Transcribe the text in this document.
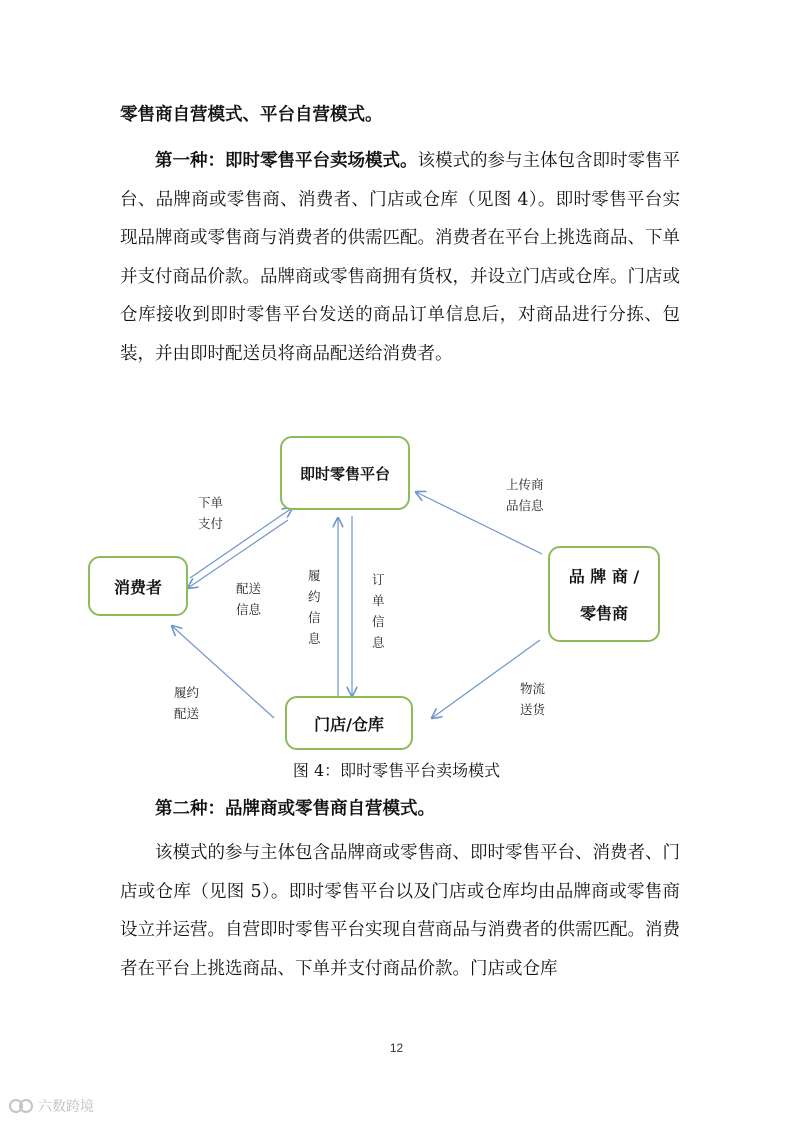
零售商自营模式、平台自营模式。

第一种：即时零售平台卖场模式。该模式的参与主体包含即时零售平台、品牌商或零售商、消费者、门店或仓库（见图 4）。即时零售平台实现品牌商或零售商与消费者的供需匹配。消费者在平台上挑选商品、下单并支付商品价款。品牌商或零售商拥有货权，并设立门店或仓库。门店或仓库接收到即时零售平台发送的商品订单信息后，对商品进行分拣、包装，并由即时配送员将商品配送给消费者。

即时零售平台
消费者
品 牌 商 /
零售商
门店/仓库
下单
支付
配送
信息
履
约
信
息
订
单
信
息
上传商
品信息
物流
送货
履约
配送
图 4：即时零售平台卖场模式

第二种：品牌商或零售商自营模式。

该模式的参与主体包含品牌商或零售商、即时零售平台、消费者、门店或仓库（见图 5）。即时零售平台以及门店或仓库均由品牌商或零售商设立并运营。自营即时零售平台实现自营商品与消费者的供需匹配。消费者在平台上挑选商品、下单并支付商品价款。门店或仓库

12
六数跨境
